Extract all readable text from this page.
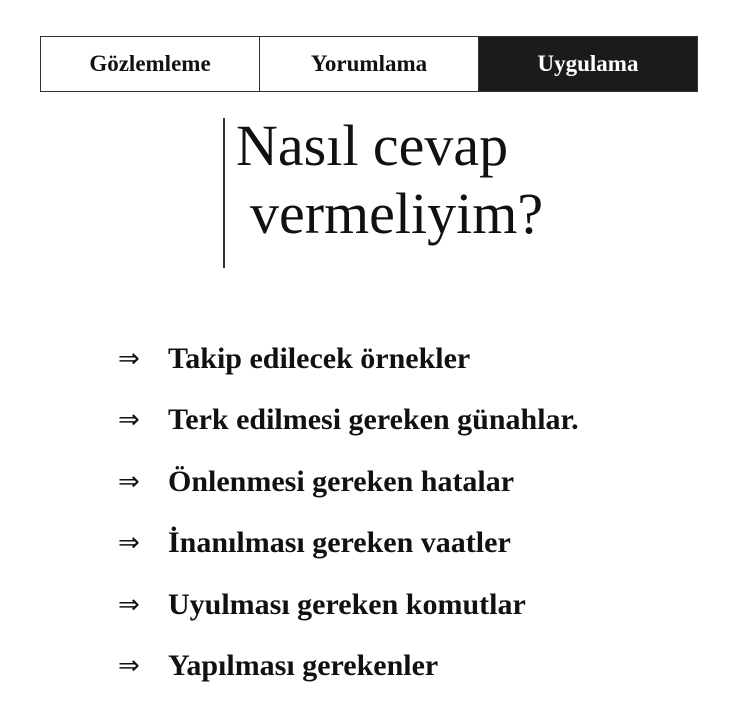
Gözlemleme	Yorumlama	Uygulama
Nasıl cevap
vermeliyim?
⇒ Takip edilecek örnekler
⇒ Terk edilmesi gereken günahlar.
⇒ Önlenmesi gereken hatalar
⇒ İnanılması gereken vaatler
⇒ Uyulması gereken komutlar
⇒ Yapılması gerekenler
